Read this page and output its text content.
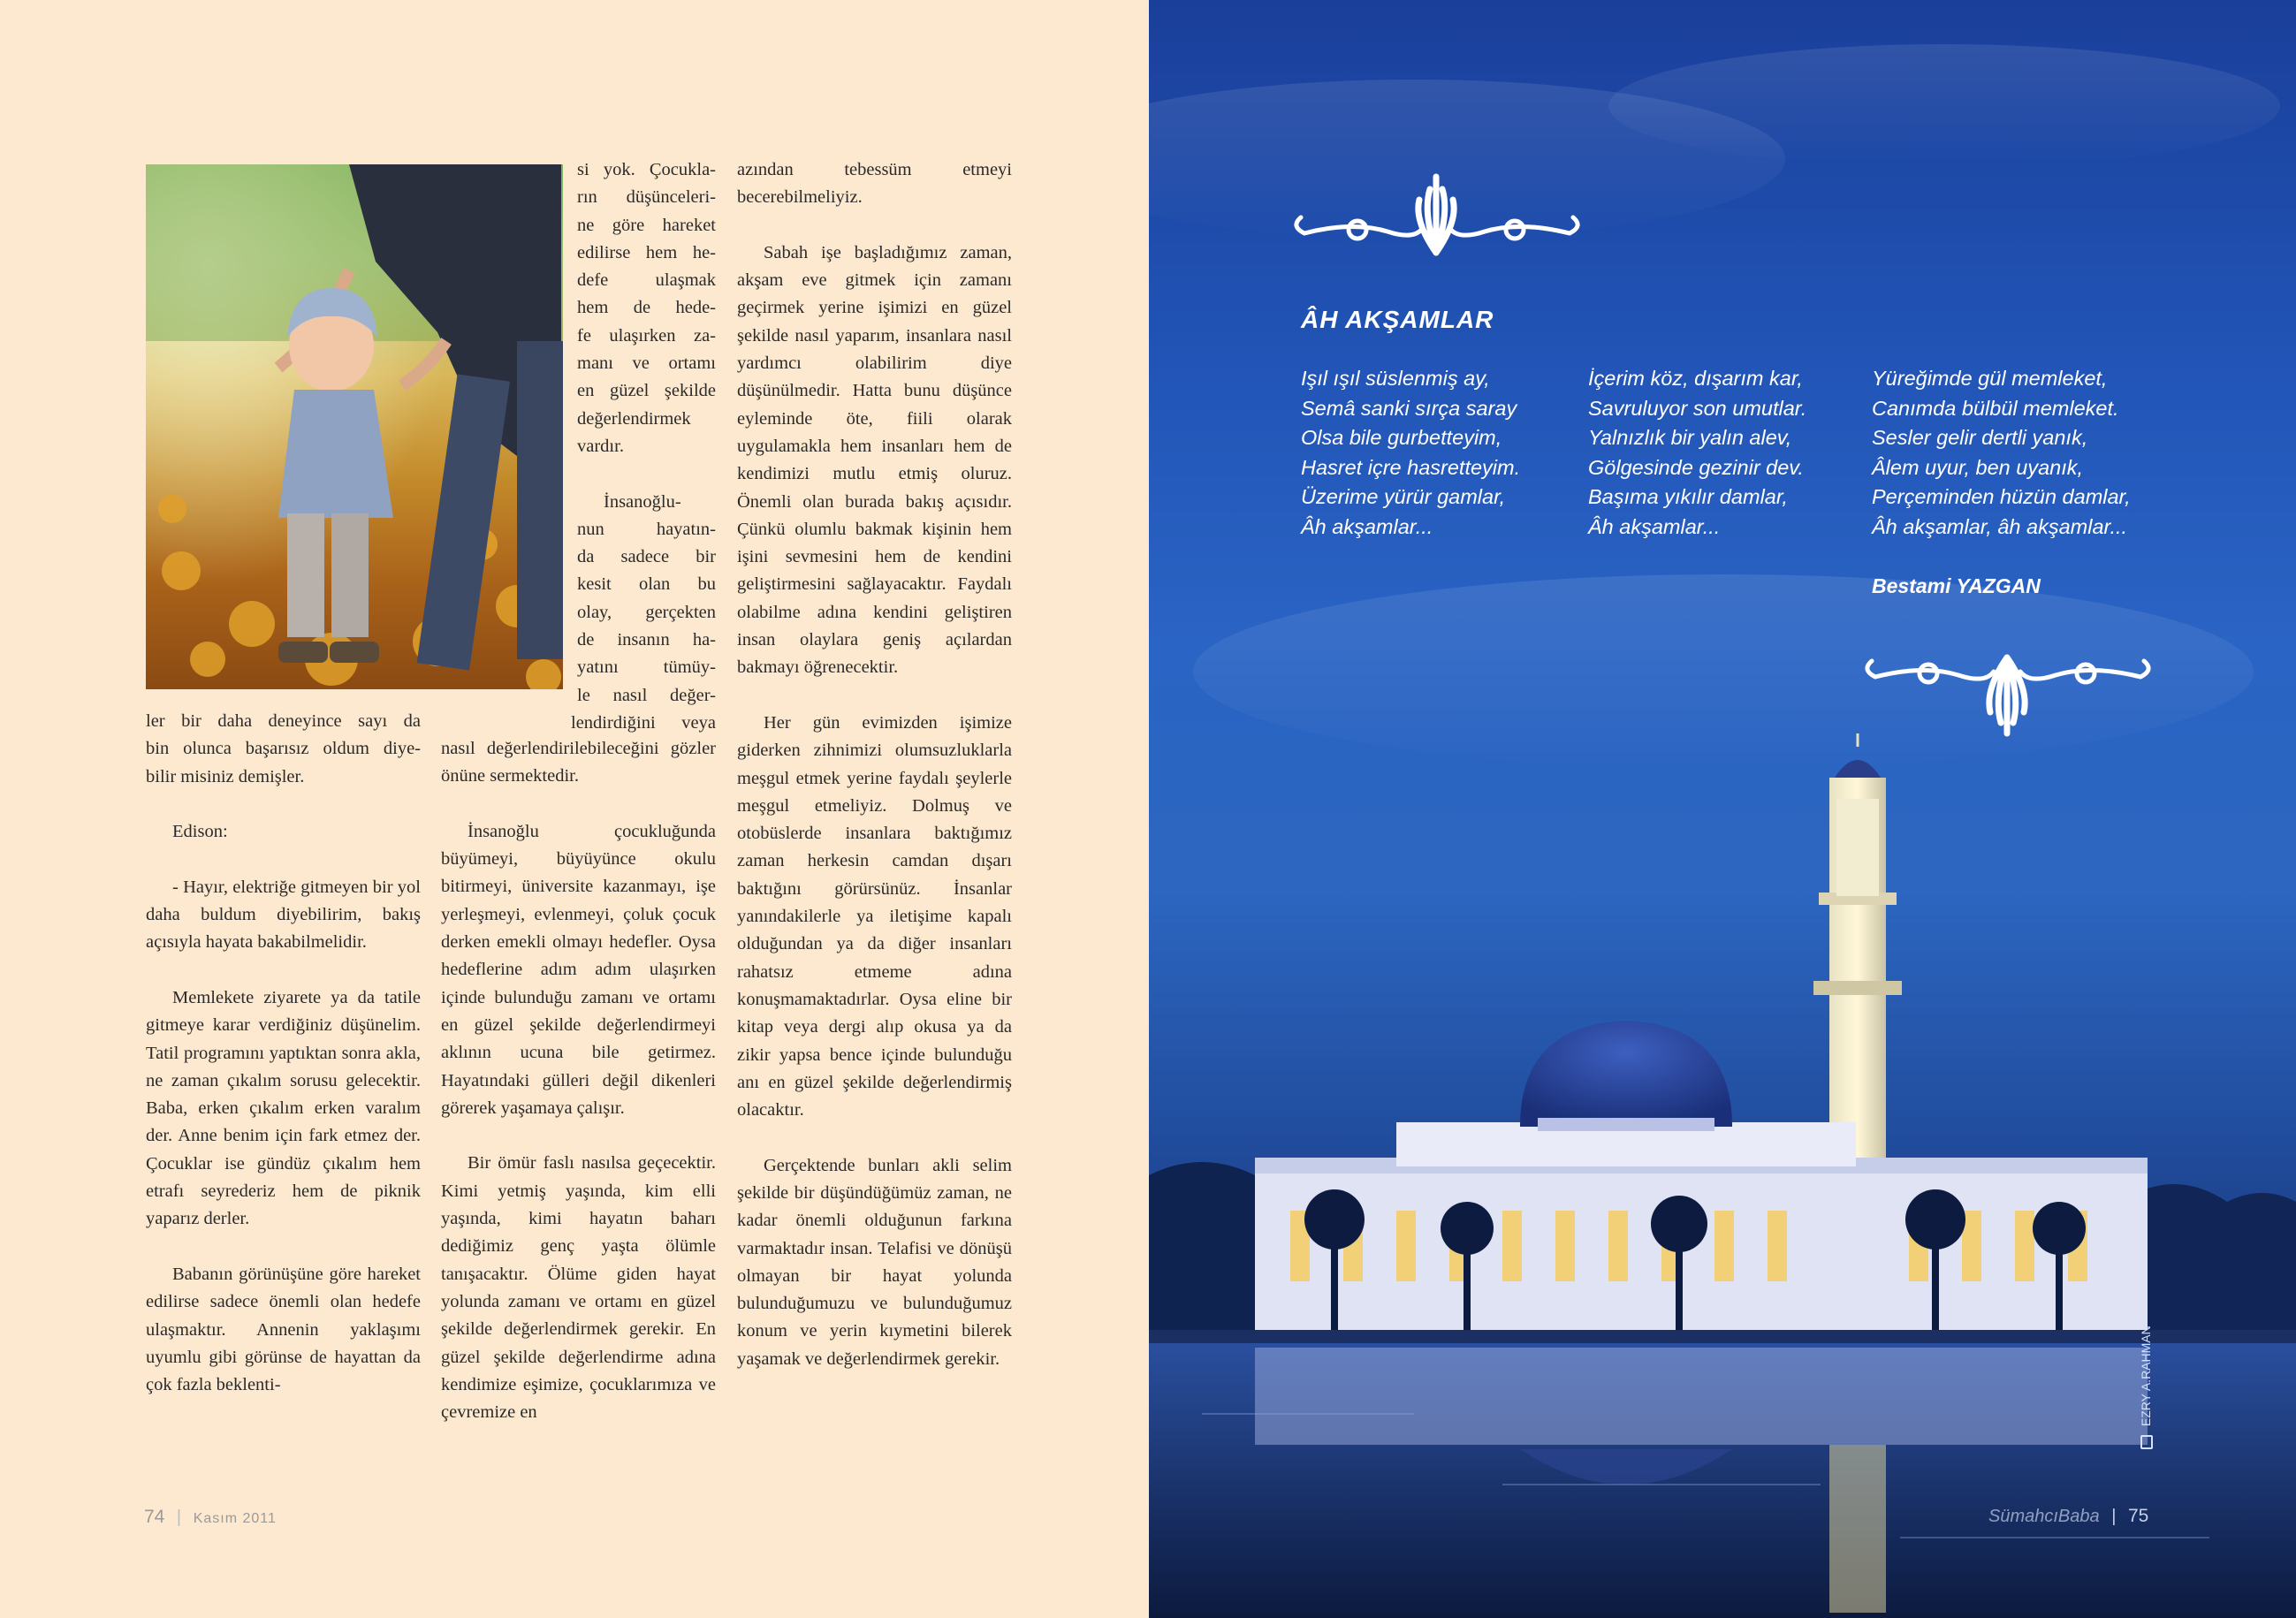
ler bir daha deneyince sayı da
bin olunca başarısız oldum diye-
bilir misiniz demişler.

Edison:

- Hayır, elektriğe gitmeyen bir yol daha buldum diyebilirim, bakış açısıyla hayata bakabilmelidir.

Memlekete ziyarete ya da tatile gitmeye karar verdiğiniz düşünelim. Tatil programını yaptıktan sonra akla, ne zaman çıkalım sorusu gelecektir. Baba, erken çıkalım erken varalım der. Anne benim için fark etmez der. Çocuklar ise gündüz çıkalım hem etrafı seyrederiz hem de piknik yaparız derler.

Babanın görünüşüne göre hareket edilirse sadece önemli olan hedefe ulaşmaktır. Annenin yaklaşımı uyumlu gibi görünse de hayattan da çok fazla beklenti-

si yok. Çocukla-
rın düşünceleri-
ne göre hareket
edilirse hem he-
defe ulaşmak
hem de hede-
fe ulaşırken za-
manı ve ortamı
en güzel şekilde
değerlendirmek
vardır.
İnsanoğlu-
nun hayatın-
da sadece bir
kesit olan bu
olay, gerçekten
de insanın ha-
yatını tümüy-
le nasıl değer-
lendirdiğini veya

nasıl değerlendirilebileceğini gözler önüne sermektedir.

İnsanoğlu çocukluğunda büyümeyi, büyüyünce okulu bitirmeyi, üniversite kazanmayı, işe yerleşmeyi, evlenmeyi, çoluk çocuk derken emekli olmayı hedefler. Oysa hedeflerine adım adım ulaşırken içinde bulunduğu zamanı ve ortamı en güzel şekilde değerlendirmeyi aklının ucuna bile getirmez. Hayatındaki gülleri değil dikenleri görerek yaşamaya çalışır.

Bir ömür faslı nasılsa geçecektir. Kimi yetmiş yaşında, kim elli yaşında, kimi hayatın baharı dediğimiz genç yaşta ölümle tanışacaktır. Ölüme giden hayat yolunda zamanı ve ortamı en güzel şekilde değerlendirmek gerekir. En güzel şekilde değerlendirme adına kendimize eşimize, çocuklarımıza ve çevremize en

azından tebessüm etmeyi becerebilmeliyiz.

Sabah işe başladığımız zaman, akşam eve gitmek için zamanı geçirmek yerine işimizi en güzel şekilde nasıl yaparım, insanlara nasıl yardımcı olabilirim diye düşünülmedir. Hatta bunu düşünce eyleminde öte, fiili olarak uygulamakla hem insanları hem de kendimizi mutlu etmiş oluruz. Önemli olan burada bakış açısıdır. Çünkü olumlu bakmak kişinin hem işini sevmesini hem de kendini geliştirmesini sağlayacaktır. Faydalı olabilme adına kendini geliştiren insan olaylara geniş açılardan bakmayı öğrenecektir.

Her gün evimizden işimize giderken zihnimizi olumsuzluklarla meşgul etmek yerine faydalı şeylerle meşgul etmeliyiz. Dolmuş ve otobüslerde insanlara baktığımız zaman herkesin camdan dışarı baktığını görürsünüz. İnsanlar yanındakilerle ya iletişime kapalı olduğundan ya da diğer insanları rahatsız etmeme adına konuşmamaktadırlar. Oysa eline bir kitap veya dergi alıp okusa ya da zikir yapsa bence içinde bulunduğu anı en güzel şekilde değerlendirmiş olacaktır.

Gerçektende bunları akli selim şekilde bir düşündüğümüz zaman, ne kadar önemli olduğunun farkına varmaktadır insan. Telafisi ve dönüşü olmayan bir hayat yolunda bulunduğumuzu ve bulunduğumuz konum ve yerin kıymetini bilerek yaşamak ve değerlendirmek gerekir.

74 | Kasım 2011
ÂH AKŞAMLAR
Işıl ışıl süslenmiş ay,
Semâ sanki sırça saray
Olsa bile gurbetteyim,
Hasret içre hasretteyim.
Üzerime yürür gamlar,
Âh akşamlar...
İçerim köz, dışarım kar,
Savruluyor son umutlar.
Yalnızlık bir yalın alev,
Gölgesinde gezinir dev.
Başıma yıkılır damlar,
Âh akşamlar...
Yüreğimde gül memleket,
Canımda bülbül memleket.
Sesler gelir dertli yanık,
Âlem uyur, ben uyanık,
Perçeminden hüzün damlar,
Âh akşamlar, âh akşamlar...
Bestami YAZGAN
EZRY A.RAHMAN
SümahcıBaba | 75
